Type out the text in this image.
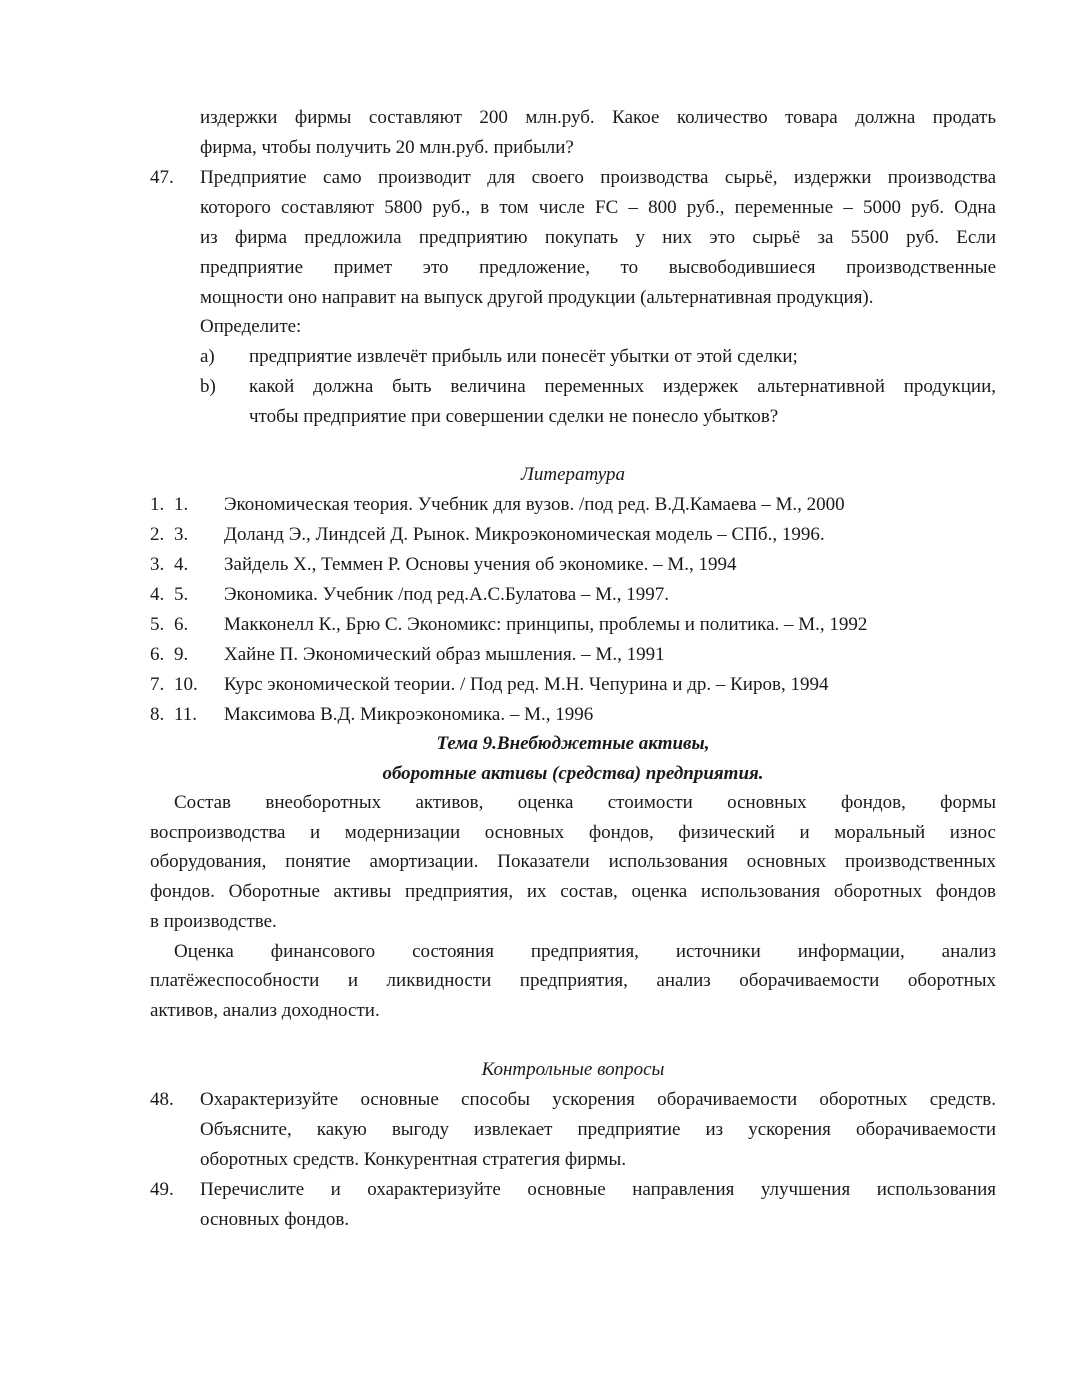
издержки фирмы составляют 200 млн.руб. Какое количество товара должна продать
фирма, чтобы получить 20 млн.руб. прибыли?
47. Предприятие само производит для своего производства сырьё, издержки производства
которого составляют 5800 руб., в том числе FC – 800 руб., переменные – 5000 руб. Одна
из фирма предложила предприятию покупать у них это сырьё за 5500 руб. Если
предприятие примет это предложение, то высвободившиеся производственные
мощности оно направит на выпуск другой продукции (альтернативная продукция).
Определите:
a) предприятие извлечёт прибыль или понесёт убытки от этой сделки;
b) какой должна быть величина переменных издержек альтернативной продукции,
чтобы предприятие при совершении сделки не понесло убытков?
Литература
1. 1. Экономическая теория. Учебник для вузов. /под ред. В.Д.Камаева – М., 2000
2. 3. Доланд Э., Линдсей Д. Рынок. Микроэкономическая модель – СПб., 1996.
3. 4. Зайдель Х., Теммен Р. Основы учения об экономике. – М., 1994
4. 5. Экономика. Учебник /под ред.А.С.Булатова – М., 1997.
5. 6. Макконелл К., Брю С. Экономикс: принципы, проблемы и политика. – М., 1992
6. 9. Хайне П. Экономический образ мышления. – М., 1991
7. 10. Курс экономической теории. / Под ред. М.Н. Чепурина и др. – Киров, 1994
8. 11. Максимова В.Д. Микроэкономика. – М., 1996
Тема 9.Внебюджетные активы,
оборотные активы (средства) предприятия.
Состав внеоборотных активов, оценка стоимости основных фондов, формы
воспроизводства и модернизации основных фондов, физический и моральный износ
оборудования, понятие амортизации. Показатели использования основных производственных
фондов. Оборотные активы предприятия, их состав, оценка использования оборотных фондов
в производстве.
Оценка финансового состояния предприятия, источники информации, анализ
платёжеспособности и ликвидности предприятия, анализ оборачиваемости оборотных
активов, анализ доходности.
Контрольные вопросы
48. Охарактеризуйте основные способы ускорения оборачиваемости оборотных средств.
Объясните, какую выгоду извлекает предприятие из ускорения оборачиваемости
оборотных средств. Конкурентная стратегия фирмы.
49. Перечислите и охарактеризуйте основные направления улучшения использования
основных фондов.
